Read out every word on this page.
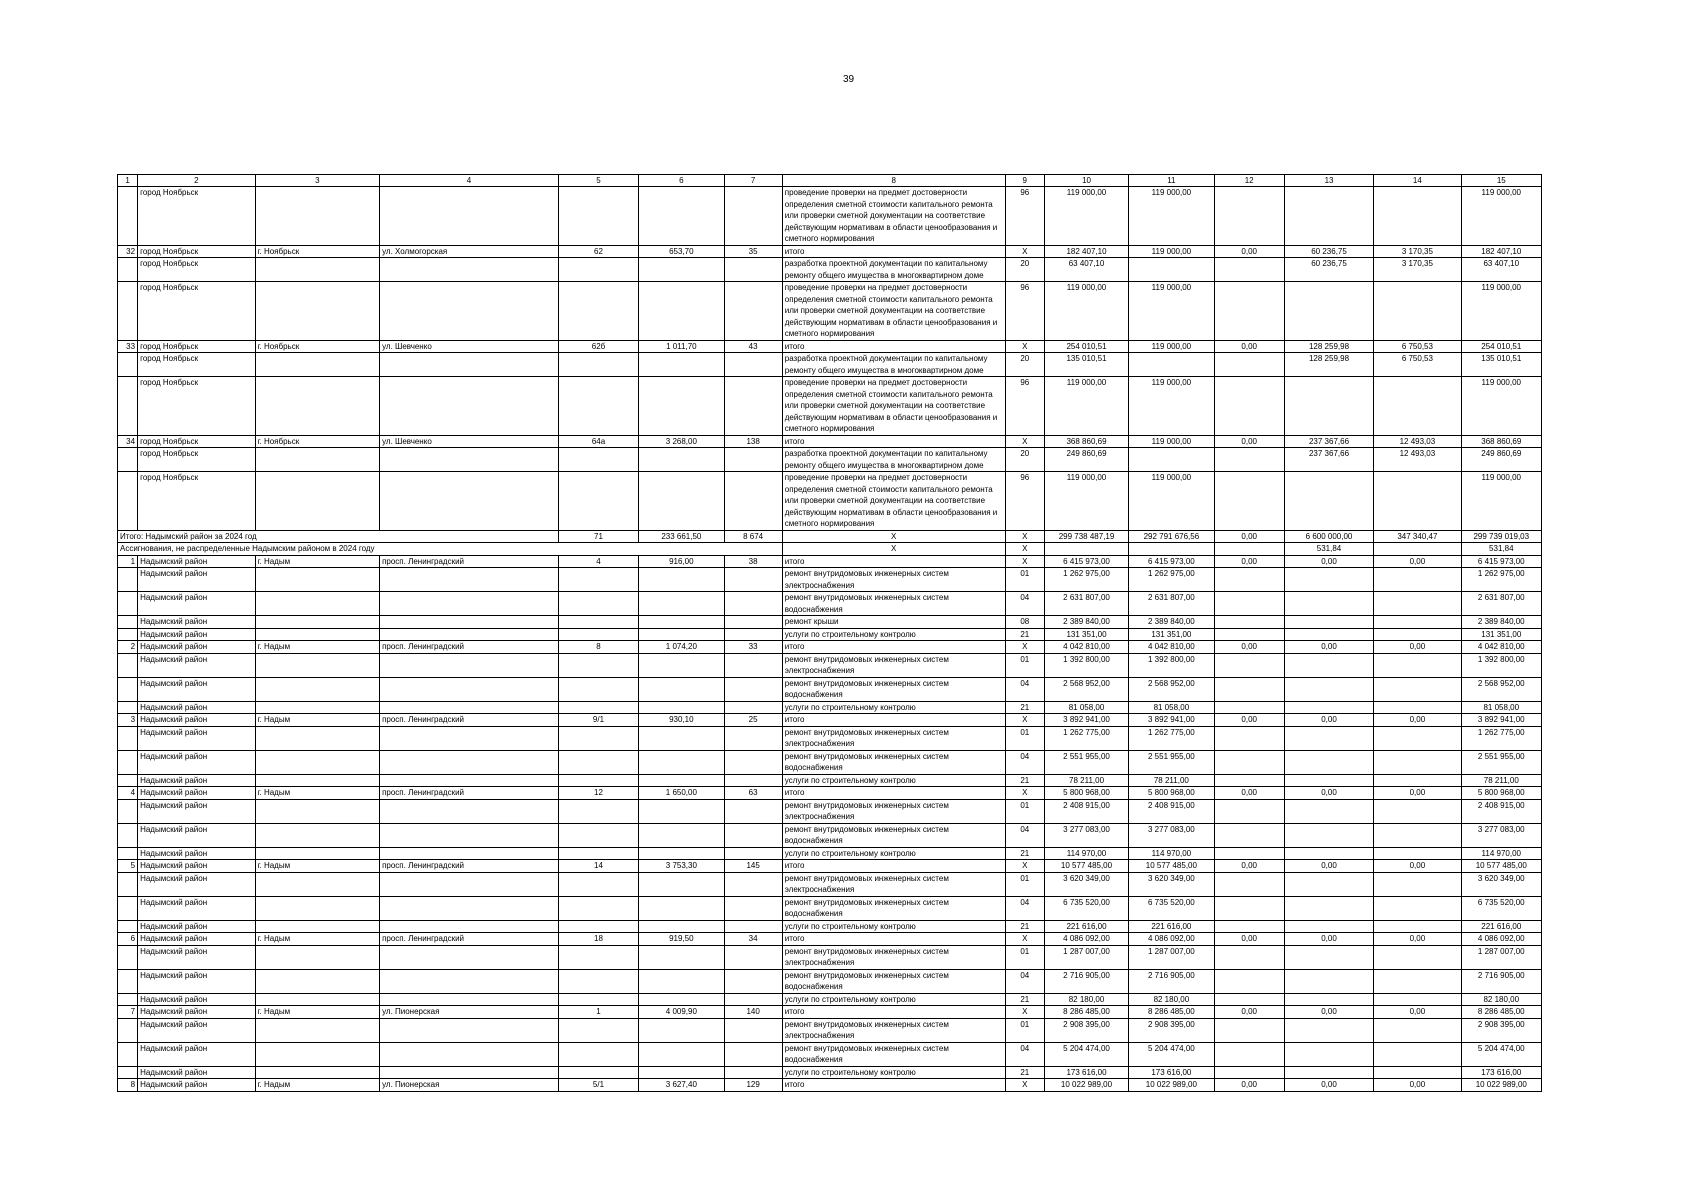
39
1	2	3	4	5	6	7	8	9	10	11	12	13	14	15
	город Ноябрьск						проведение проверки на предмет достоверности определения сметной стоимости капитального ремонта или проверки сметной документации на соответствие действующим нормативам в области ценообразования и сметного нормирования	96	119 000,00	119 000,00				119 000,00
32	город Ноябрьск	г. Ноябрьск	ул. Холмогорская	62	653,70	35	итого	X	182 407,10	119 000,00	0,00	60 236,75	3 170,35	182 407,10
	город Ноябрьск						разработка проектной документации по капитальному ремонту общего имущества в многоквартирном доме	20	63 407,10			60 236,75	3 170,35	63 407,10
	город Ноябрьск						проведение проверки на предмет достоверности определения сметной стоимости капитального ремонта или проверки сметной документации на соответствие действующим нормативам в области ценообразования и сметного нормирования	96	119 000,00	119 000,00				119 000,00
33	город Ноябрьск	г. Ноябрьск	ул. Шевченко	62б	1 011,70	43	итого	X	254 010,51	119 000,00	0,00	128 259,98	6 750,53	254 010,51
	город Ноябрьск						разработка проектной документации по капитальному ремонту общего имущества в многоквартирном доме	20	135 010,51			128 259,98	6 750,53	135 010,51
	город Ноябрьск						проведение проверки на предмет достоверности определения сметной стоимости капитального ремонта или проверки сметной документации на соответствие действующим нормативам в области ценообразования и сметного нормирования	96	119 000,00	119 000,00				119 000,00
34	город Ноябрьск	г. Ноябрьск	ул. Шевченко	64а	3 268,00	138	итого	X	368 860,69	119 000,00	0,00	237 367,66	12 493,03	368 860,69
	город Ноябрьск						разработка проектной документации по капитальному ремонту общего имущества в многоквартирном доме	20	249 860,69			237 367,66	12 493,03	249 860,69
	город Ноябрьск						проведение проверки на предмет достоверности определения сметной стоимости капитального ремонта или проверки сметной документации на соответствие действующим нормативам в области ценообразования и сметного нормирования	96	119 000,00	119 000,00				119 000,00
Итого: Надымский район за 2024 год				71	233 661,50	8 674	X	X	299 738 487,19	292 791 676,56	0,00	6 600 000,00	347 340,47	299 739 019,03
Ассигнования, не распределенные Надымским районом в 2024 году							X	X				531,84		531,84
1	Надымский район	г. Надым	просп. Ленинградский	4	916,00	38	итого	X	6 415 973,00	6 415 973,00	0,00	0,00	0,00	6 415 973,00
	Надымский район						ремонт внутридомовых инженерных систем электроснабжения	01	1 262 975,00	1 262 975,00				1 262 975,00
	Надымский район						ремонт внутридомовых инженерных систем водоснабжения	04	2 631 807,00	2 631 807,00				2 631 807,00
	Надымский район						ремонт крыши	08	2 389 840,00	2 389 840,00				2 389 840,00
	Надымский район						услуги по строительному контролю	21	131 351,00	131 351,00				131 351,00
2	Надымский район	г. Надым	просп. Ленинградский	8	1 074,20	33	итого	X	4 042 810,00	4 042 810,00	0,00	0,00	0,00	4 042 810,00
	Надымский район						ремонт внутридомовых инженерных систем электроснабжения	01	1 392 800,00	1 392 800,00				1 392 800,00
	Надымский район						ремонт внутридомовых инженерных систем водоснабжения	04	2 568 952,00	2 568 952,00				2 568 952,00
	Надымский район						услуги по строительному контролю	21	81 058,00	81 058,00				81 058,00
3	Надымский район	г. Надым	просп. Ленинградский	9/1	930,10	25	итого	X	3 892 941,00	3 892 941,00	0,00	0,00	0,00	3 892 941,00
	Надымский район						ремонт внутридомовых инженерных систем электроснабжения	01	1 262 775,00	1 262 775,00				1 262 775,00
	Надымский район						ремонт внутридомовых инженерных систем водоснабжения	04	2 551 955,00	2 551 955,00				2 551 955,00
	Надымский район						услуги по строительному контролю	21	78 211,00	78 211,00				78 211,00
4	Надымский район	г. Надым	просп. Ленинградский	12	1 650,00	63	итого	X	5 800 968,00	5 800 968,00	0,00	0,00	0,00	5 800 968,00
	Надымский район						ремонт внутридомовых инженерных систем электроснабжения	01	2 408 915,00	2 408 915,00				2 408 915,00
	Надымский район						ремонт внутридомовых инженерных систем водоснабжения	04	3 277 083,00	3 277 083,00				3 277 083,00
	Надымский район						услуги по строительному контролю	21	114 970,00	114 970,00				114 970,00
5	Надымский район	г. Надым	просп. Ленинградский	14	3 753,30	145	итого	X	10 577 485,00	10 577 485,00	0,00	0,00	0,00	10 577 485,00
	Надымский район						ремонт внутридомовых инженерных систем электроснабжения	01	3 620 349,00	3 620 349,00				3 620 349,00
	Надымский район						ремонт внутридомовых инженерных систем водоснабжения	04	6 735 520,00	6 735 520,00				6 735 520,00
	Надымский район						услуги по строительному контролю	21	221 616,00	221 616,00				221 616,00
6	Надымский район	г. Надым	просп. Ленинградский	18	919,50	34	итого	X	4 086 092,00	4 086 092,00	0,00	0,00	0,00	4 086 092,00
	Надымский район						ремонт внутридомовых инженерных систем электроснабжения	01	1 287 007,00	1 287 007,00				1 287 007,00
	Надымский район						ремонт внутридомовых инженерных систем водоснабжения	04	2 716 905,00	2 716 905,00				2 716 905,00
	Надымский район						услуги по строительному контролю	21	82 180,00	82 180,00				82 180,00
7	Надымский район	г. Надым	ул. Пионерская	1	4 009,90	140	итого	X	8 286 485,00	8 286 485,00	0,00	0,00	0,00	8 286 485,00
	Надымский район						ремонт внутридомовых инженерных систем электроснабжения	01	2 908 395,00	2 908 395,00				2 908 395,00
	Надымский район						ремонт внутридомовых инженерных систем водоснабжения	04	5 204 474,00	5 204 474,00				5 204 474,00
	Надымский район						услуги по строительному контролю	21	173 616,00	173 616,00				173 616,00
8	Надымский район	г. Надым	ул. Пионерская	5/1	3 627,40	129	итого	X	10 022 989,00	10 022 989,00	0,00	0,00	0,00	10 022 989,00
